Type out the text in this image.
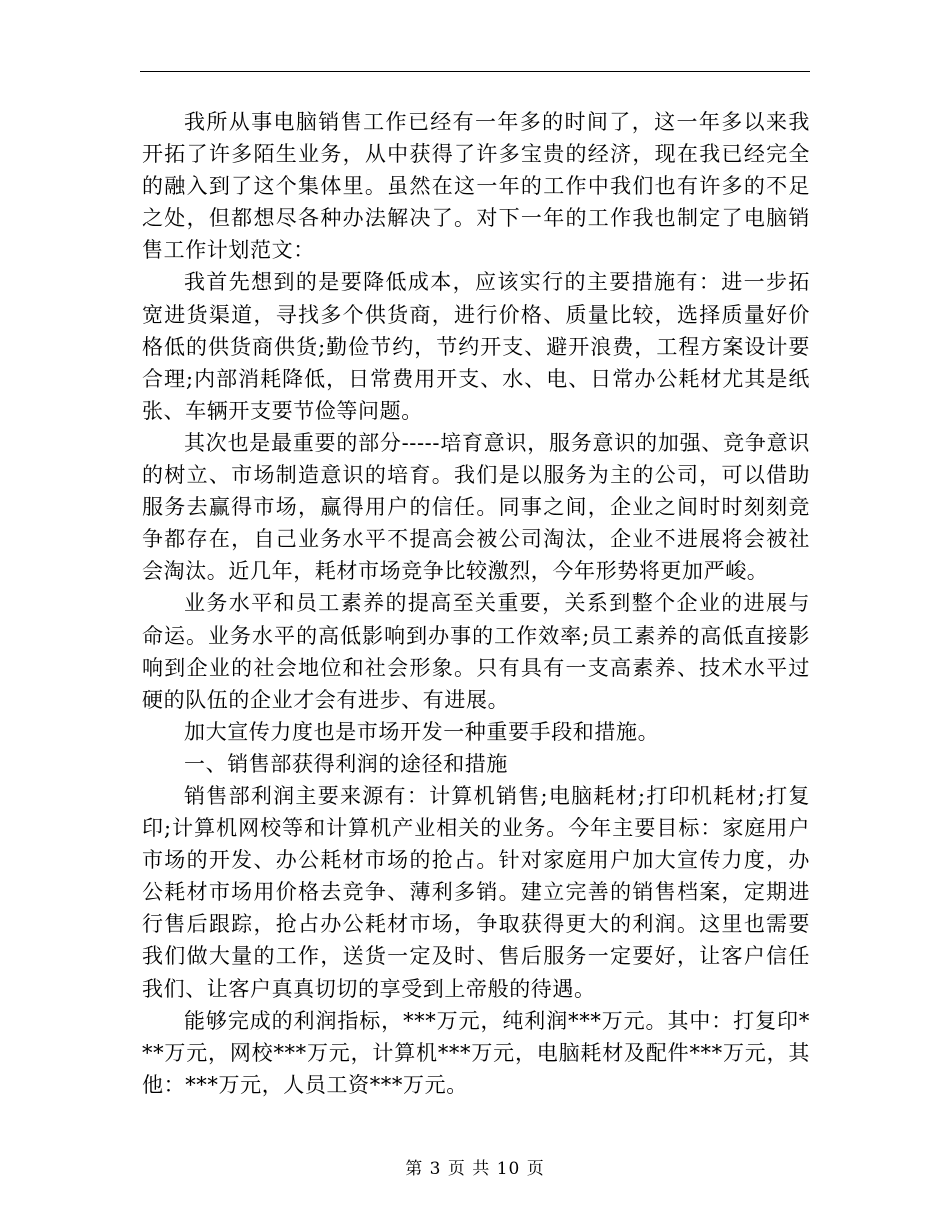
我所从事电脑销售工作已经有一年多的时间了，这一年多以来我开拓了许多陌生业务，从中获得了许多宝贵的经济，现在我已经完全的融入到了这个集体里。虽然在这一年的工作中我们也有许多的不足之处，但都想尽各种办法解决了。对下一年的工作我也制定了电脑销售工作计划范文：

我首先想到的是要降低成本，应该实行的主要措施有：进一步拓宽进货渠道，寻找多个供货商，进行价格、质量比较，选择质量好价格低的供货商供货;勤俭节约，节约开支、避开浪费，工程方案设计要合理;内部消耗降低，日常费用开支、水、电、日常办公耗材尤其是纸张、车辆开支要节俭等问题。

其次也是最重要的部分-----培育意识，服务意识的加强、竞争意识的树立、市场制造意识的培育。我们是以服务为主的公司，可以借助服务去赢得市场，赢得用户的信任。同事之间，企业之间时时刻刻竞争都存在，自己业务水平不提高会被公司淘汰，企业不进展将会被社会淘汰。近几年，耗材市场竞争比较激烈，今年形势将更加严峻。

业务水平和员工素养的提高至关重要，关系到整个企业的进展与命运。业务水平的高低影响到办事的工作效率;员工素养的高低直接影响到企业的社会地位和社会形象。只有具有一支高素养、技术水平过硬的队伍的企业才会有进步、有进展。

加大宣传力度也是市场开发一种重要手段和措施。

一、销售部获得利润的途径和措施

销售部利润主要来源有：计算机销售;电脑耗材;打印机耗材;打复印;计算机网校等和计算机产业相关的业务。今年主要目标：家庭用户市场的开发、办公耗材市场的抢占。针对家庭用户加大宣传力度，办公耗材市场用价格去竞争、薄利多销。建立完善的销售档案，定期进行售后跟踪，抢占办公耗材市场，争取获得更大的利润。这里也需要我们做大量的工作，送货一定及时、售后服务一定要好，让客户信任我们、让客户真真切切的享受到上帝般的待遇。

能够完成的利润指标，***万元，纯利润***万元。其中：打复印***万元，网校***万元，计算机***万元，电脑耗材及配件***万元，其他：***万元，人员工资***万元。

第 3 页 共 10 页
